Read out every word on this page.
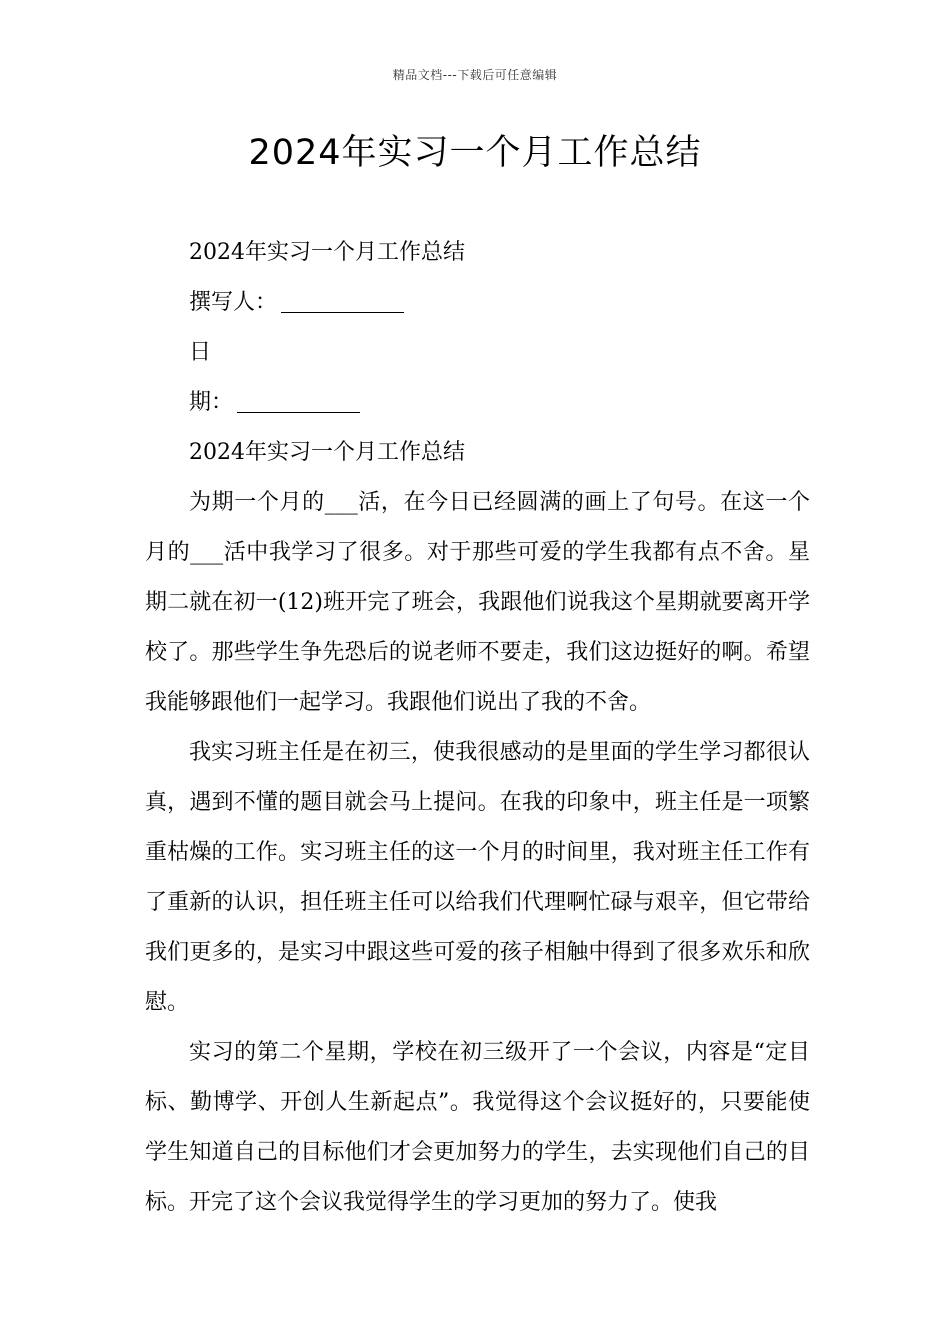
精品文档---下载后可任意编辑
2024年实习一个月工作总结
2024年实习一个月工作总结
撰写人：
日
期：
2024年实习一个月工作总结

为期一个月的___活，在今日已经圆满的画上了句号。在这一个月的___活中我学习了很多。对于那些可爱的学生我都有点不舍。星期二就在初一(12)班开完了班会，我跟他们说我这个星期就要离开学校了。那些学生争先恐后的说老师不要走，我们这边挺好的啊。希望我能够跟他们一起学习。我跟他们说出了我的不舍。

我实习班主任是在初三，使我很感动的是里面的学生学习都很认真，遇到不懂的题目就会马上提问。在我的印象中，班主任是一项繁重枯燥的工作。实习班主任的这一个月的时间里，我对班主任工作有了重新的认识，担任班主任可以给我们代理啊忙碌与艰辛，但它带给我们更多的，是实习中跟这些可爱的孩子相触中得到了很多欢乐和欣慰。

实习的第二个星期，学校在初三级开了一个会议，内容是“定目标、勤博学、开创人生新起点”。我觉得这个会议挺好的，只要能使学生知道自己的目标他们才会更加努力的学生，去实现他们自己的目标。开完了这个会议我觉得学生的学习更加的努力了。使我
